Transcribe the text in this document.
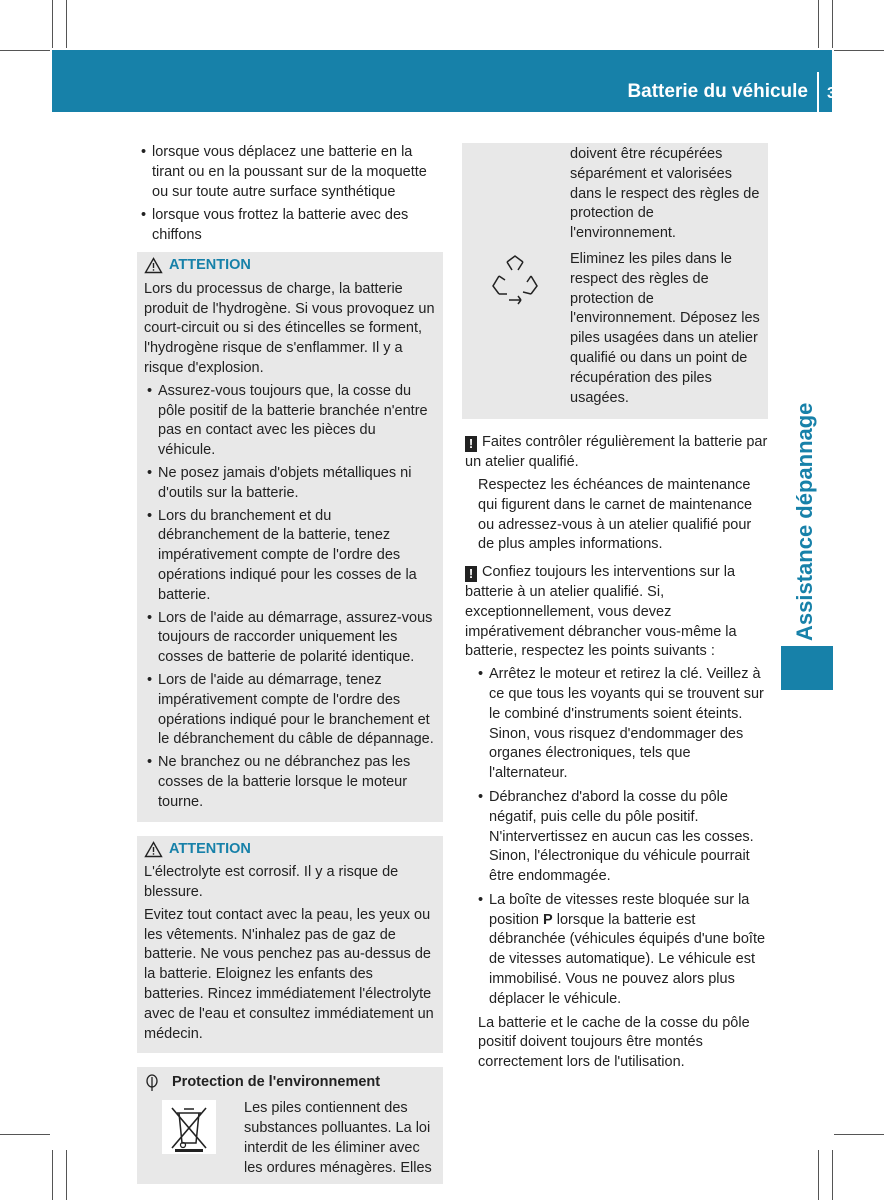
Batterie du véhicule 335
Assistance dépannage
• lorsque vous déplacez une batterie en la tirant ou en la poussant sur de la moquette ou sur toute autre surface synthétique
• lorsque vous frottez la batterie avec des chiffons
ATTENTION

Lors du processus de charge, la batterie produit de l'hydrogène. Si vous provoquez un court-circuit ou si des étincelles se forment, l'hydrogène risque de s'enflammer. Il y a risque d'explosion.

• Assurez-vous toujours que, la cosse du pôle positif de la batterie branchée n'entre pas en contact avec les pièces du véhicule.
• Ne posez jamais d'objets métalliques ni d'outils sur la batterie.
• Lors du branchement et du débranchement de la batterie, tenez impérativement compte de l'ordre des opérations indiqué pour les cosses de la batterie.
• Lors de l'aide au démarrage, assurez-vous toujours de raccorder uniquement les cosses de batterie de polarité identique.
• Lors de l'aide au démarrage, tenez impérativement compte de l'ordre des opérations indiqué pour le branchement et le débranchement du câble de dépannage.
• Ne branchez ou ne débranchez pas les cosses de la batterie lorsque le moteur tourne.
ATTENTION

L'électrolyte est corrosif. Il y a risque de blessure.

Evitez tout contact avec la peau, les yeux ou les vêtements. N'inhalez pas de gaz de batterie. Ne vous penchez pas au-dessus de la batterie. Eloignez les enfants des batteries. Rincez immédiatement l'électrolyte avec de l'eau et consultez immédiatement un médecin.

Protection de l'environnement
Les piles contiennent des substances polluantes. La loi interdit de les éliminer avec les ordures ménagères. Elles

doivent être récupérées séparément et valorisées dans le respect des règles de protection de l'environnement.

Eliminez les piles dans le respect des règles de protection de l'environnement. Déposez les piles usagées dans un atelier qualifié ou dans un point de récupération des piles usagées.

! Faites contrôler régulièrement la batterie par un atelier qualifié.

Respectez les échéances de maintenance qui figurent dans le carnet de maintenance ou adressez-vous à un atelier qualifié pour de plus amples informations.

! Confiez toujours les interventions sur la batterie à un atelier qualifié. Si, exceptionnellement, vous devez impérativement débrancher vous-même la batterie, respectez les points suivants :

• Arrêtez le moteur et retirez la clé. Veillez à ce que tous les voyants qui se trouvent sur le combiné d'instruments soient éteints. Sinon, vous risquez d'endommager des organes électroniques, tels que l'alternateur.
• Débranchez d'abord la cosse du pôle négatif, puis celle du pôle positif. N'intervertissez en aucun cas les cosses. Sinon, l'électronique du véhicule pourrait être endommagée.
• La boîte de vitesses reste bloquée sur la position P lorsque la batterie est débranchée (véhicules équipés d'une boîte de vitesses automatique). Le véhicule est immobilisé. Vous ne pouvez alors plus déplacer le véhicule.

La batterie et le cache de la cosse du pôle positif doivent toujours être montés correctement lors de l'utilisation.
